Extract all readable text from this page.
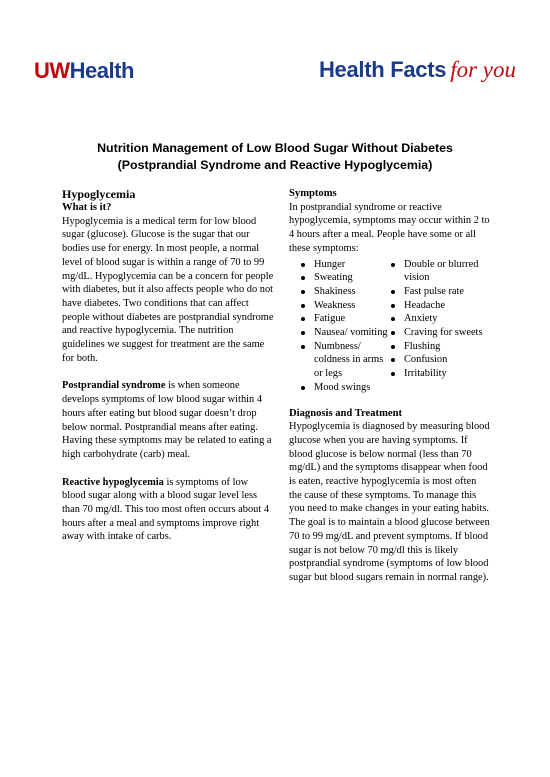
UWHealth	Health Facts for you
Nutrition Management of Low Blood Sugar Without Diabetes
(Postprandial Syndrome and Reactive Hypoglycemia)

Hypoglycemia

What is it?

Hypoglycemia is a medical term for low blood sugar (glucose). Glucose is the sugar that our bodies use for energy. In most people, a normal level of blood sugar is within a range of 70 to 99 mg/dL. Hypoglycemia can be a concern for people with diabetes, but it also affects people who do not have diabetes. Two conditions that can affect people without diabetes are postprandial syndrome and reactive hypoglycemia. The nutrition guidelines we suggest for treatment are the same for both.

Postprandial syndrome is when someone develops symptoms of low blood sugar within 4 hours after eating but blood sugar doesn’t drop below normal. Postprandial means after eating. Having these symptoms may be related to eating a high carbohydrate (carb) meal.

Reactive hypoglycemia is symptoms of low blood sugar along with a blood sugar level less than 70 mg/dl. This too most often occurs about 4 hours after a meal and symptoms improve right away with intake of carbs.

Symptoms

In postprandial syndrome or reactive hypoglycemia, symptoms may occur within 2 to 4 hours after a meal. People have some or all these symptoms:

Hunger
Sweating
Shakiness
Weakness
Fatigue
Nausea/ vomiting
Numbness/ coldness in arms or legs
Mood swings
Double or blurred vision
Fast pulse rate
Headache
Anxiety
Craving for sweets
Flushing
Confusion
Irritability

Diagnosis and Treatment

Hypoglycemia is diagnosed by measuring blood glucose when you are having symptoms. If blood glucose is below normal (less than 70 mg/dL) and the symptoms disappear when food is eaten, reactive hypoglycemia is most often the cause of these symptoms. To manage this you need to make changes in your eating habits. The goal is to maintain a blood glucose between 70 to 99 mg/dL and prevent symptoms. If blood sugar is not below 70 mg/dl this is likely postprandial syndrome (symptoms of low blood sugar but blood sugars remain in normal range).
